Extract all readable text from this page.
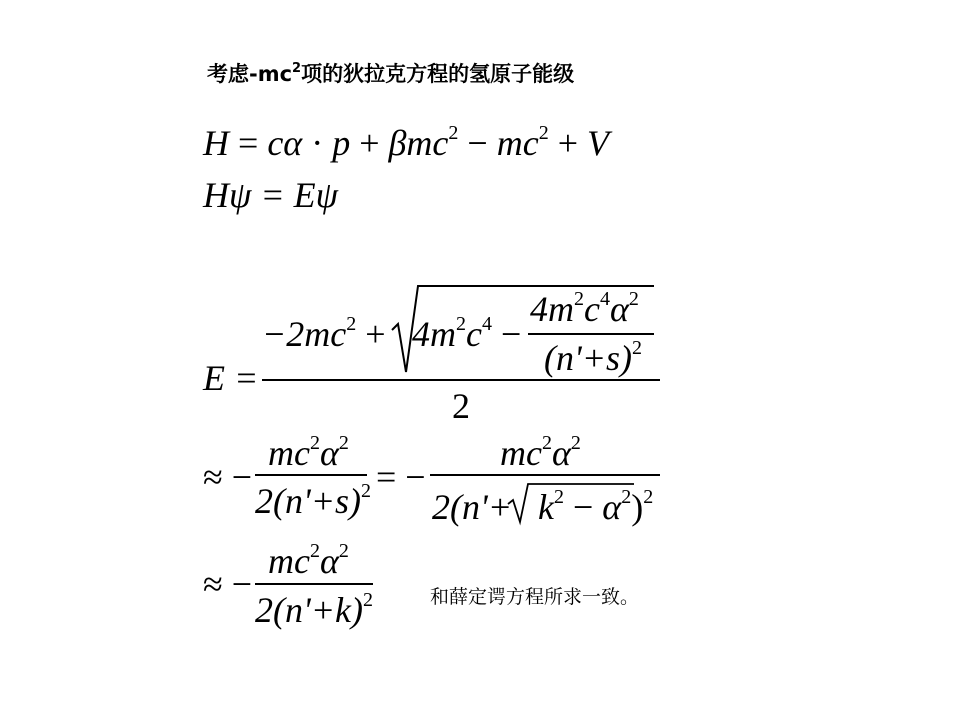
考虑$-mc^2$项的狄拉克方程的氢原子能级
$H = c\alpha \cdot p + \beta mc^2 - mc^2 + V$
Hψ = Eψ
E =
$-2mc^2 + 4m^2c^4$ −
$4m^2c^4\alpha^2$
$(n'+s)^2$
2
≈ −
$mc^2\alpha^2$
$2(n'+s)^2$ = −
$mc^2\alpha^2$
$2(n'+ k^2 - \alpha^2)^2$
≈ −
$mc^2\alpha^2$
$2(n'+k)^2$	和薛定谔方程所求一致。
